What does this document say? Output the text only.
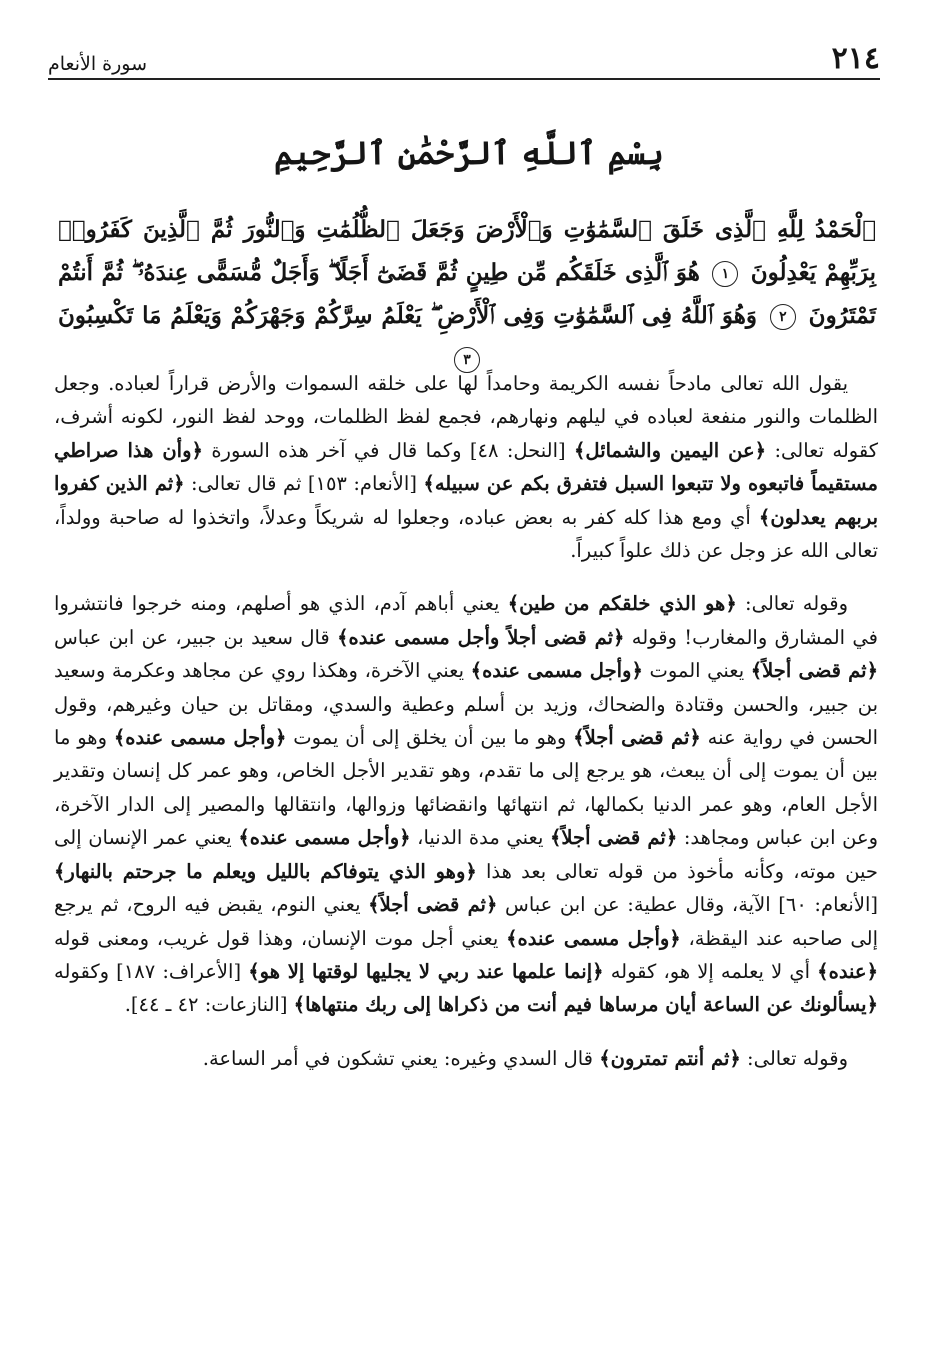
٢١٤
سورة الأنعام
بِسْمِ ٱللَّهِ ٱلرَّحْمَٰنِ ٱلرَّحِيمِ
ٱلْحَمْدُ لِلَّهِ ٱلَّذِى خَلَقَ ٱلسَّمَٰوَٰتِ وَٱلْأَرْضَ وَجَعَلَ ٱلظُّلُمَٰتِ وَٱلنُّورَ ثُمَّ ٱلَّذِينَ كَفَرُوا۟ بِرَبِّهِمْ يَعْدِلُونَ ١ هُوَ ٱلَّذِى خَلَقَكُم مِّن طِينٍ ثُمَّ قَضَىٰٓ أَجَلًا ۖ وَأَجَلٌ مُّسَمًّى عِندَهُۥ ۖ ثُمَّ أَنتُمْ تَمْتَرُونَ ٢ وَهُوَ ٱللَّهُ فِى ٱلسَّمَٰوَٰتِ وَفِى ٱلْأَرْضِ ۖ يَعْلَمُ سِرَّكُمْ وَجَهْرَكُمْ وَيَعْلَمُ مَا تَكْسِبُونَ ٣

يقول الله تعالى مادحاً نفسه الكريمة وحامداً لها على خلقه السموات والأرض قراراً لعباده. وجعل الظلمات والنور منفعة لعباده في ليلهم ونهارهم، فجمع لفظ الظلمات، ووحد لفظ النور، لكونه أشرف، كقوله تعالى: ﴿عن اليمين والشمائل﴾ [النحل: ٤٨] وكما قال في آخر هذه السورة ﴿وأن هذا صراطي مستقيماً فاتبعوه ولا تتبعوا السبل فتفرق بكم عن سبيله﴾ [الأنعام: ١٥٣] ثم قال تعالى: ﴿ثم الذين كفروا بربهم يعدلون﴾ أي ومع هذا كله كفر به بعض عباده، وجعلوا له شريكاً وعدلاً، واتخذوا له صاحبة وولداً، تعالى الله عز وجل عن ذلك علواً كبيراً.

وقوله تعالى: ﴿هو الذي خلقكم من طين﴾ يعني أباهم آدم، الذي هو أصلهم، ومنه خرجوا فانتشروا في المشارق والمغارب! وقوله ﴿ثم قضى أجلاً وأجل مسمى عنده﴾ قال سعيد بن جبير، عن ابن عباس ﴿ثم قضى أجلاً﴾ يعني الموت ﴿وأجل مسمى عنده﴾ يعني الآخرة، وهكذا روي عن مجاهد وعكرمة وسعيد بن جبير، والحسن وقتادة والضحاك، وزيد بن أسلم وعطية والسدي، ومقاتل بن حيان وغيرهم، وقول الحسن في رواية عنه ﴿ثم قضى أجلاً﴾ وهو ما بين أن يخلق إلى أن يموت ﴿وأجل مسمى عنده﴾ وهو ما بين أن يموت إلى أن يبعث، هو يرجع إلى ما تقدم، وهو تقدير الأجل الخاص، وهو عمر كل إنسان وتقدير الأجل العام، وهو عمر الدنيا بكمالها، ثم انتهائها وانقضائها وزوالها، وانتقالها والمصير إلى الدار الآخرة، وعن ابن عباس ومجاهد: ﴿ثم قضى أجلاً﴾ يعني مدة الدنيا، ﴿وأجل مسمى عنده﴾ يعني عمر الإنسان إلى حين موته، وكأنه مأخوذ من قوله تعالى بعد هذا ﴿وهو الذي يتوفاكم بالليل ويعلم ما جرحتم بالنهار﴾ [الأنعام: ٦٠] الآية، وقال عطية: عن ابن عباس ﴿ثم قضى أجلاً﴾ يعني النوم، يقبض فيه الروح، ثم يرجع إلى صاحبه عند اليقظة، ﴿وأجل مسمى عنده﴾ يعني أجل موت الإنسان، وهذا قول غريب، ومعنى قوله ﴿عنده﴾ أي لا يعلمه إلا هو، كقوله ﴿إنما علمها عند ربي لا يجليها لوقتها إلا هو﴾ [الأعراف: ١٨٧] وكقوله ﴿يسألونك عن الساعة أيان مرساها فيم أنت من ذكراها إلى ربك منتهاها﴾ [النازعات: ٤٢ ـ ٤٤].

وقوله تعالى: ﴿ثم أنتم تمترون﴾ قال السدي وغيره: يعني تشكون في أمر الساعة.
